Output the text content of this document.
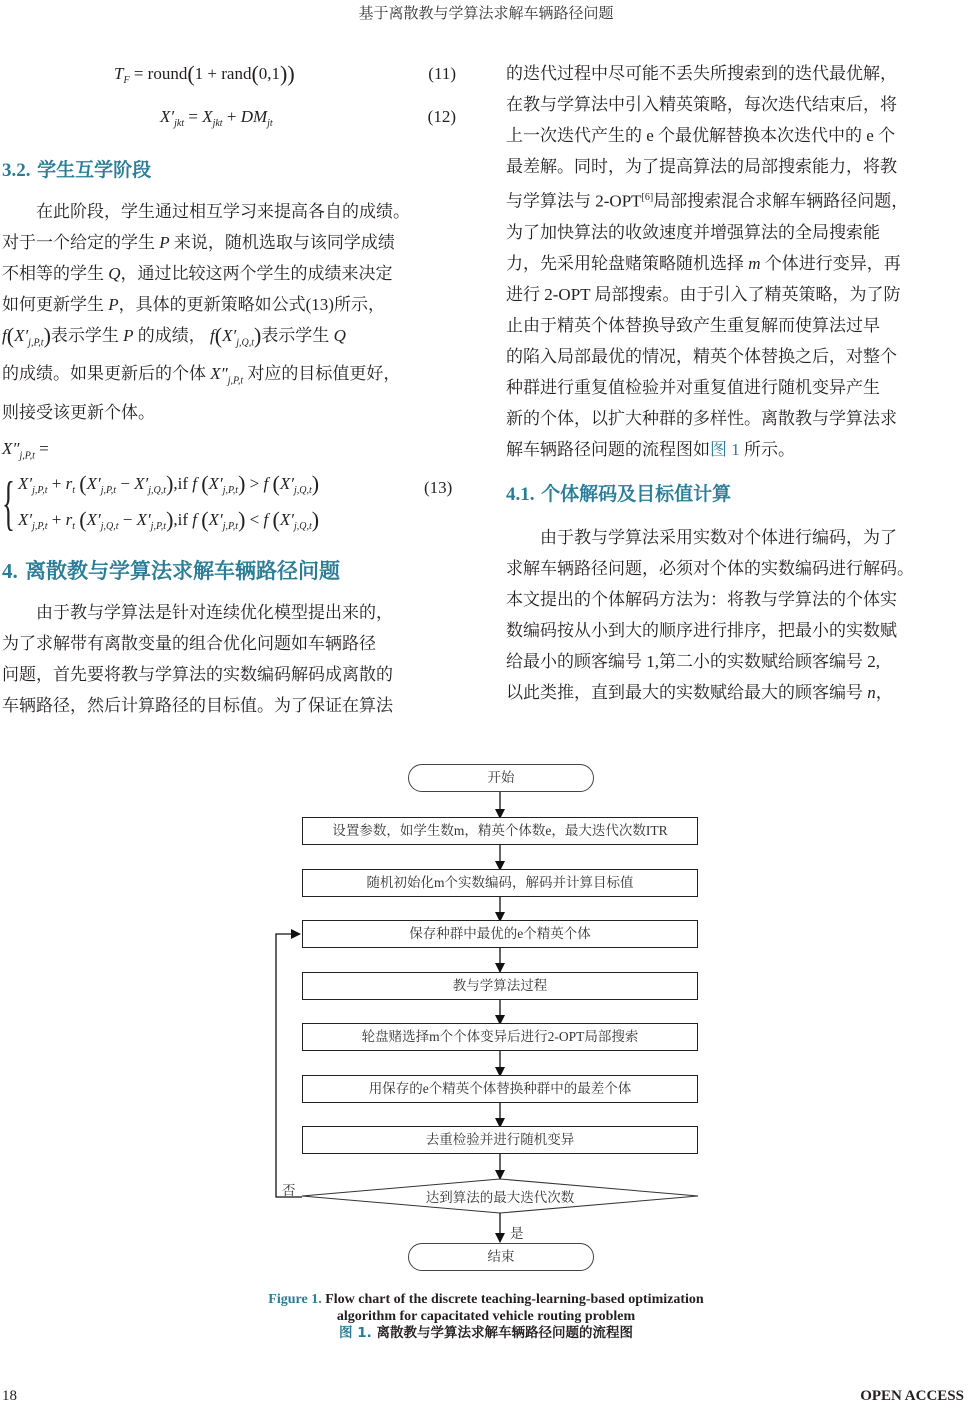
基于离散教与学算法求解车辆路径问题
$T_F$ = round(1 + rand(0,1))	(11)
$X'_{jkt} = X_{jkt} + DM_{jt}$	(12)
3.2. 学生互学阶段

在此阶段，学生通过相互学习来提高各自的成绩。

对于一个给定的学生 P 来说，随机选取与该同学成绩

不相等的学生 Q，通过比较这两个学生的成绩来决定

如何更新学生 P，具体的更新策略如公式(13)所示，

$f(X'_{j,P,t})$表示学生 P 的成绩， $f(X'_{j,Q,t})$表示学生 Q

的成绩。如果更新后的个体 $X''_{j,P,t}$ 对应的目标值更好，

则接受该更新个体。

$X''_{j,P,t}$ =
{ $X'_{j,P,t} + r_t$ $(X'_{j,P,t} - X'_{j,Q,t}),if$ f $(X'_{j,P,t}) > f$ $(X'_{j,Q,t})$	(13)
$X'_{j,P,t} + r_t$ $(X'_{j,Q,t} - X'_{j,P,t}),if$ f $(X'_{j,P,t}) < f$ $(X'_{j,Q,t})$
4. 离散教与学算法求解车辆路径问题

由于教与学算法是针对连续优化模型提出来的，

为了求解带有离散变量的组合优化问题如车辆路径

问题，首先要将教与学算法的实数编码解码成离散的

车辆路径，然后计算路径的目标值。为了保证在算法

的迭代过程中尽可能不丢失所搜索到的迭代最优解，

在教与学算法中引入精英策略，每次迭代结束后，将

上一次迭代产生的 e 个最优解替换本次迭代中的 e 个

最差解。同时，为了提高算法的局部搜索能力，将教

与学算法与 2-OPT[6]局部搜索混合求解车辆路径问题，

为了加快算法的收敛速度并增强算法的全局搜索能

力，先采用轮盘赌策略随机选择 m 个体进行变异，再

进行 2-OPT 局部搜索。由于引入了精英策略，为了防

止由于精英个体替换导致产生重复解而使算法过早

的陷入局部最优的情况，精英个体替换之后，对整个

种群进行重复值检验并对重复值进行随机变异产生

新的个体，以扩大种群的多样性。离散教与学算法求

解车辆路径问题的流程图如图 1 所示。

4.1. 个体解码及目标值计算

由于教与学算法采用实数对个体进行编码，为了

求解车辆路径问题，必须对个体的实数编码进行解码。

本文提出的个体解码方法为：将教与学算法的个体实

数编码按从小到大的顺序进行排序，把最小的实数赋

给最小的顾客编号 1,第二小的实数赋给顾客编号 2,

以此类推，直到最大的实数赋给最大的顾客编号 n，

开始
设置参数，如学生数m，精英个体数e，最大迭代次数ITR
随机初始化m个实数编码，解码并计算目标值
保存种群中最优的e个精英个体
教与学算法过程
轮盘赌选择m个个体变异后进行2-OPT局部搜索
用保存的e个精英个体替换种群中的最差个体
去重检验并进行随机变异
达到算法的最大迭代次数
否
是
结束
Figure 1. Flow chart of the discrete teaching-learning-based optimization
algorithm for capacitated vehicle routing problem
图 1. 离散教与学算法求解车辆路径问题的流程图
18	OPEN ACCESS
